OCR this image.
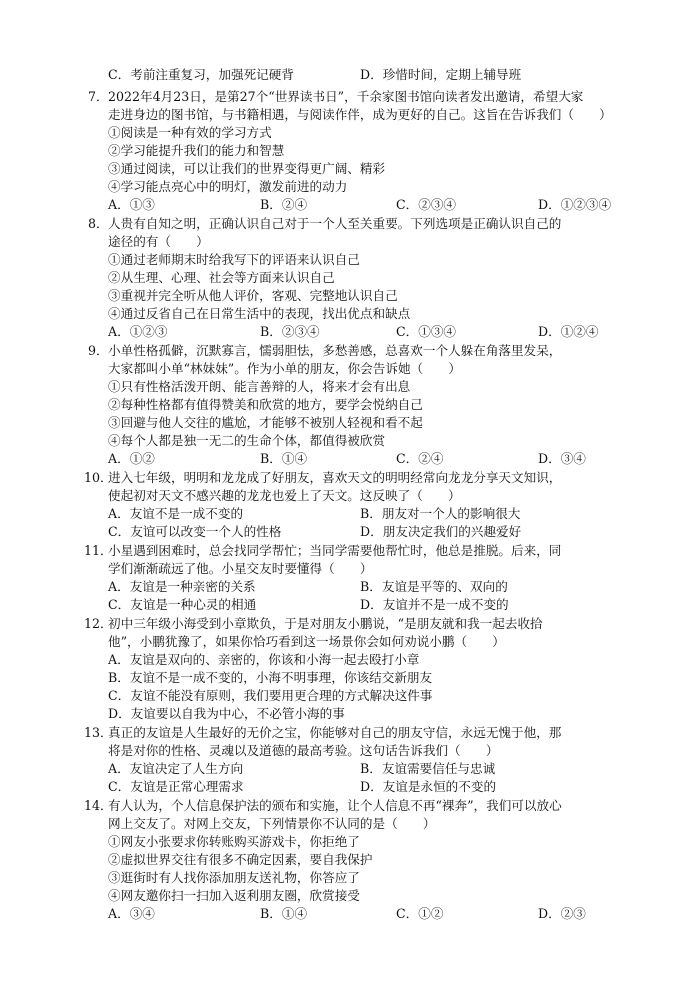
C．考前注重复习，加强死记硬背	D．珍惜时间，定期上辅导班
7． 2022年4月23日，是第27个“世界读书日”，千余家图书馆向读者发出邀请，希望大家
走进身边的图书馆，与书籍相遇，与阅读作伴，成为更好的自己。这旨在告诉我们（　　）
①阅读是一种有效的学习方式
②学习能提升我们的能力和智慧
③通过阅读，可以让我们的世界变得更广阔、精彩
④学习能点亮心中的明灯，激发前进的动力
A．①③	B．②④	C．②③④	D．①②③④
8． 人贵有自知之明，正确认识自己对于一个人至关重要。下列选项是正确认识自己的
途径的有（　　）
①通过老师期末时给我写下的评语来认识自己
②从生理、心理、社会等方面来认识自己
③重视并完全听从他人评价，客观、完整地认识自己
④通过反省自己在日常生活中的表现，找出优点和缺点
A．①②③	B．②③④	C．①③④	D．①②④
9． 小单性格孤僻，沉默寡言，懦弱胆怯，多愁善感，总喜欢一个人躲在角落里发呆，
大家都叫小单“林妹妹”。作为小单的朋友，你会告诉她（　　）
①只有性格活泼开朗、能言善辩的人，将来才会有出息
②每种性格都有值得赞美和欣赏的地方，要学会悦纳自己
③回避与他人交往的尴尬，才能够不被别人轻视和看不起
④每个人都是独一无二的生命个体，都值得被欣赏
A．①②	B．①④	C．②④	D．③④
10．
进入七年级，明明和龙龙成了好朋友，喜欢天文的明明经常向龙龙分享天文知识，
使起初对天文不感兴趣的龙龙也爱上了天文。这反映了（　　）
A．友谊不是一成不变的	B．朋友对一个人的影响很大
C．友谊可以改变一个人的性格	D．朋友决定我们的兴趣爱好
11．
小星遇到困难时，总会找同学帮忙；当同学需要他帮忙时，他总是推脱。后来，同
学们渐渐疏远了他。小星交友时要懂得（　　）
A．友谊是一种亲密的关系	B．友谊是平等的、双向的
C．友谊是一种心灵的相通	D．友谊并不是一成不变的
12．
初中三年级小海受到小章欺负，于是对朋友小鹏说，“是朋友就和我一起去收拾
他”，小鹏犹豫了，如果你恰巧看到这一场景你会如何劝说小鹏（　　）
A．友谊是双向的、亲密的，你该和小海一起去殴打小章
B．友谊不是一成不变的，小海不明事理，你该结交新朋友
C．友谊不能没有原则，我们要用更合理的方式解决这件事
D．友谊要以自我为中心，不必管小海的事
13．
真正的友谊是人生最好的无价之宝，你能够对自己的朋友守信，永远无愧于他，那
将是对你的性格、灵魂以及道德的最高考验。这句话告诉我们（　　）
A．友谊决定了人生方向	B．友谊需要信任与忠诚
C．友谊是正常心理需求	D．友谊是永恒的不变的
14．
有人认为，个人信息保护法的颁布和实施，让个人信息不再“裸奔”，我们可以放心
网上交友了。对网上交友，下列情景你不认同的是（　　）
①网友小张要求你转账购买游戏卡，你拒绝了
②虚拟世界交往有很多不确定因素，要自我保护
③逛街时有人找你添加朋友送礼物，你答应了
④网友邀你扫一扫加入返利朋友圈，欣赏接受
A．③④	B．①④	C．①②	D．②③
